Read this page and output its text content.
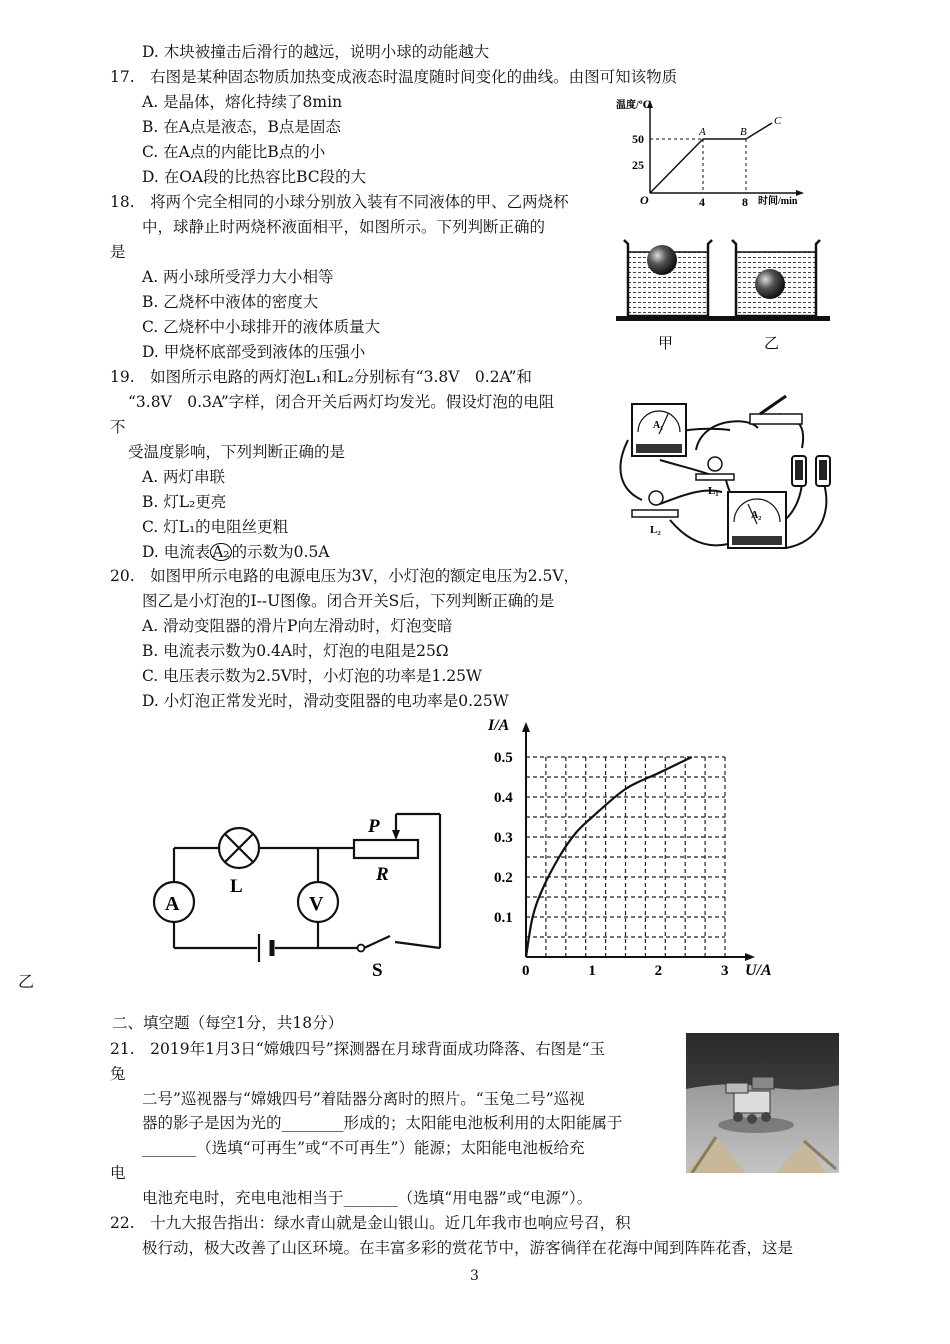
D. 木块被撞击后滑行的越远，说明小球的动能越大
17.　右图是某种固态物质加热变成液态时温度随时间变化的曲线。由图可知该物质
A. 是晶体，熔化持续了8min
B. 在A点是液态，B点是固态
C. 在A点的内能比B点的小
D. 在OA段的比热容比BC段的大
温度/℃
时间/min
50
25
4	8
O
A	B
C
18.　将两个完全相同的小球分别放入装有不同液体的甲、乙两烧杯
中，球静止时两烧杯液面相平，如图所示。下列判断正确的
是
A. 两小球所受浮力大小相等
B. 乙烧杯中液体的密度大
C. 乙烧杯中小球排开的液体质量大
D. 甲烧杯底部受到液体的压强小	甲	乙
19.　如图所示电路的两灯泡L₁和L₂分别标有“3.8V　0.2A”和
“3.8V　0.3A”字样，闭合开关后两灯均发光。假设灯泡的电阻
不
受温度影响，下列判断正确的是
A. 两灯串联
B. 灯L₂更亮
C. 灯L₁的电阻丝更粗
D. 电流表 A₂ 的示数为0.5A
A₁
L₁
L₂
A₂
20.　如图甲所示电路的电源电压为3V，小灯泡的额定电压为2.5V，
图乙是小灯泡的I--U图像。闭合开关S后，下列判断正确的是
A. 滑动变阻器的滑片P向左滑动时，灯泡变暗
B. 电流表示数为0.4A时，灯泡的电阻是25Ω
C. 电压表示数为2.5V时，小灯泡的功率是1.25W
D. 小灯泡正常发光时，滑动变阻器的电功率是0.25W
L
P
R
A	V
S
乙
0	1	2	3
0.1
0.2
0.3
0.4
0.5
I/A
U/A
二、填空题（每空1分，共18分）
21.　2019年1月3日“嫦娥四号”探测器在月球背面成功降落、右图是“玉
兔
二号”巡视器与“嫦娥四号”着陆器分离时的照片。“玉兔二号”巡视
器的影子是因为光的________形成的；太阳能电池板利用的太阳能属于
_______（选填“可再生”或“不可再生”）能源；太阳能电池板给充
电
电池充电时，充电电池相当于_______（选填“用电器”或“电源”）。
22.　十九大报告指出：绿水青山就是金山银山。近几年我市也响应号召，积
极行动，极大改善了山区环境。在丰富多彩的赏花节中，游客徜徉在花海中闻到阵阵花香，这是
3
